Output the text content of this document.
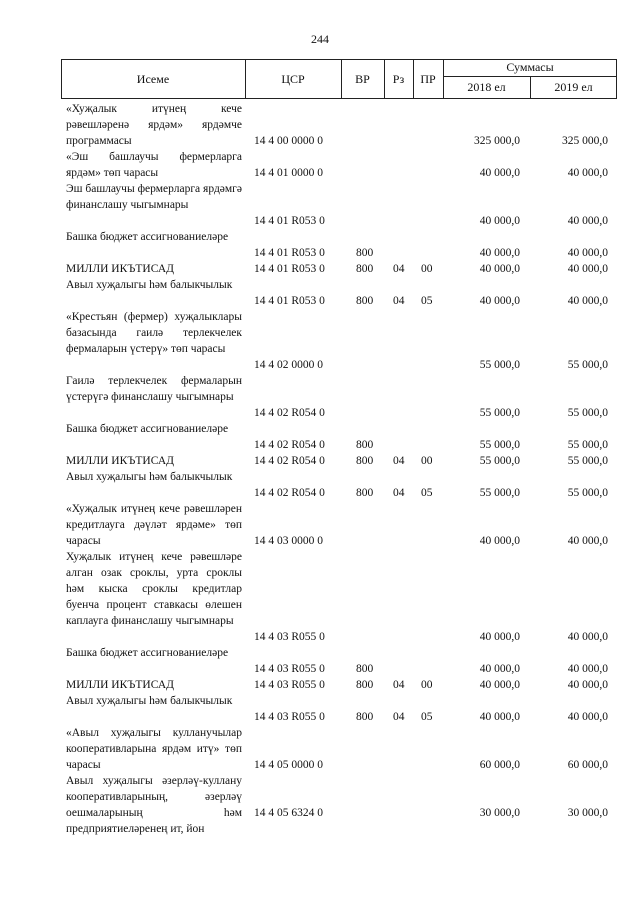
244
Исеме	ЦСР	ВР	Рз	ПР
Суммасы
2018 ел	2019 ел
«Хуҗалык итүнең кече рәвешләренә ярдәм» ярдәмче программасы	14 4 00 0000 0	325 000,0	325 000,0
«Эш башлаучы фермерларга ярдәм» төп чарасы	14 4 01 0000 0	40 000,0	40 000,0
Эш башлаучы фермерларга ярдәмгә финанслашу чыгымнары
14 4 01 R053 0	40 000,0	40 000,0
Башка бюджет ассигнованиеләре
14 4 01 R053 0	800	40 000,0	40 000,0
МИЛЛИ ИКЪТИСАД	14 4 01 R053 0	800 04 00	40 000,0	40 000,0
Авыл хуҗалыгы һәм балыкчылык
14 4 01 R053 0	800 04 05	40 000,0	40 000,0
«Крестьян (фермер) хуҗалыклары базасында гаилә терлекчелек фермаларын үстерү» төп чарасы
14 4 02 0000 0	55 000,0	55 000,0
Гаилә терлекчелек фермаларын үстерүгә финанслашу чыгымнары
14 4 02 R054 0	55 000,0	55 000,0
Башка бюджет ассигнованиеләре
14 4 02 R054 0	800	55 000,0	55 000,0
МИЛЛИ ИКЪТИСАД	14 4 02 R054 0	800 04 00	55 000,0	55 000,0
Авыл хуҗалыгы һәм балыкчылык
14 4 02 R054 0	800 04 05	55 000,0	55 000,0
«Хуҗалык итүнең кече рәвешләрен кредитлауга дәүләт ярдәме» төп чарасы	14 4 03 0000 0	40 000,0	40 000,0
Хуҗалык итүнең кече рәвешләре алган озак сроклы, урта сроклы һәм кыска сроклы кредитлар буенча процент ставкасы өлешен каплауга финанслашу чыгымнары
14 4 03 R055 0	40 000,0	40 000,0
Башка бюджет ассигнованиеләре
14 4 03 R055 0	800	40 000,0	40 000,0
МИЛЛИ ИКЪТИСАД	14 4 03 R055 0	800 04 00	40 000,0	40 000,0
Авыл хуҗалыгы һәм балыкчылык
14 4 03 R055 0	800 04 05	40 000,0	40 000,0
«Авыл хуҗалыгы кулланучылар кооперативларына ярдәм итү» төп чарасы	14 4 05 0000 0	60 000,0	60 000,0
Авыл хуҗалыгы әзерләү-куллану кооперативларының, әзерләү оешмаларының һәм предприятиеләренең ит, йон
14 4 05 6324 0	30 000,0	30 000,0
